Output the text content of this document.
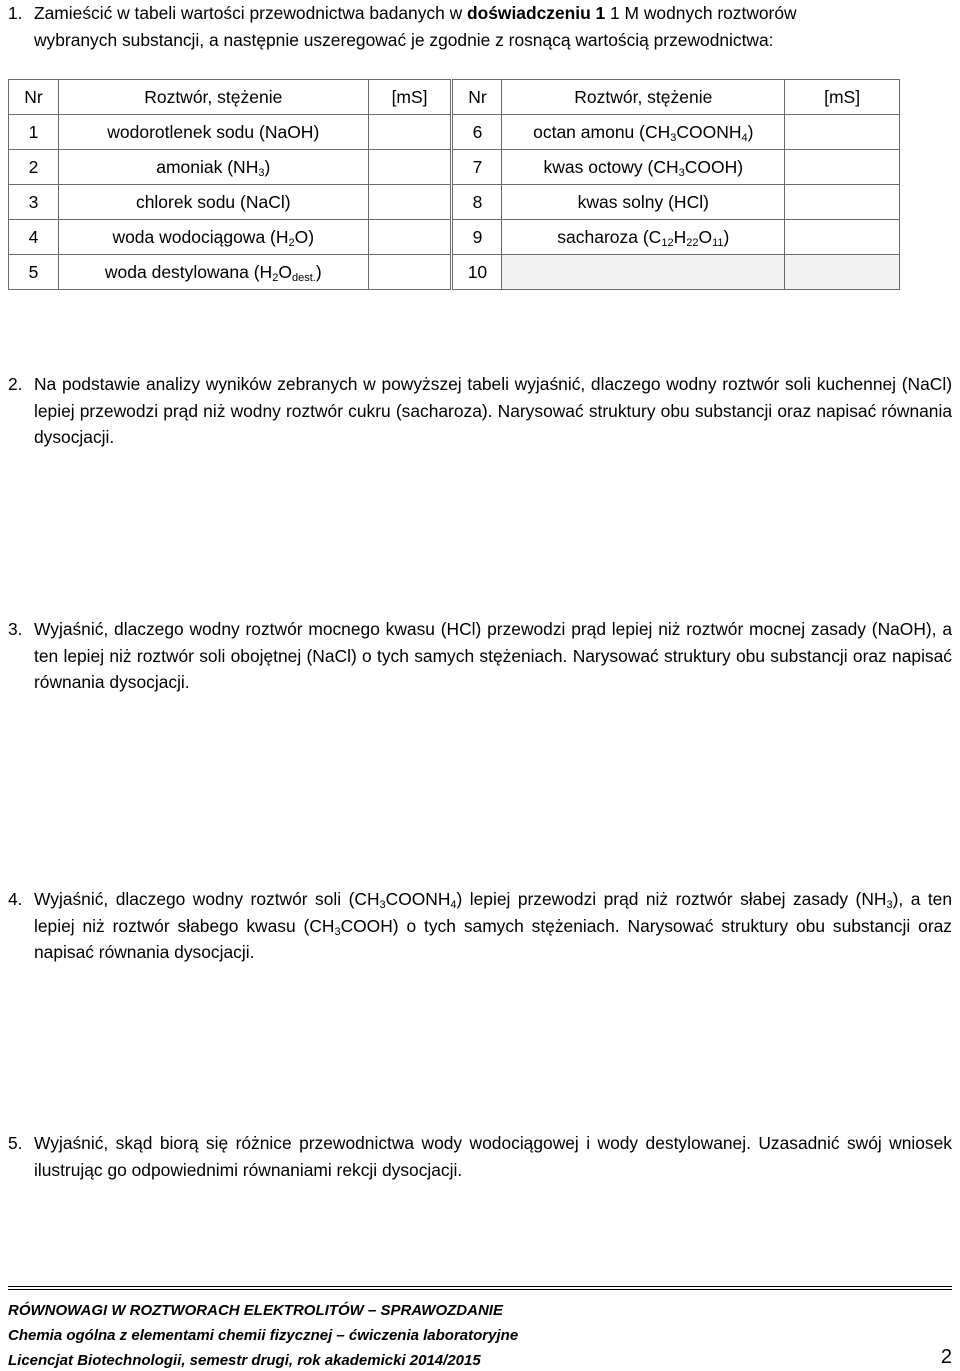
1. Zamieścić w tabeli wartości przewodnictwa badanych w doświadczeniu 1 1 M wodnych roztworów
wybranych substancji, a następnie uszeregować je zgodnie z rosnącą wartością przewodnictwa:
Nr	Roztwór, stężenie	[mS]	Nr	Roztwór, stężenie	[mS]
1	wodorotlenek sodu (NaOH)		6	octan amonu $(CH_3COONH_4)$	
2	amoniak $(NH_3)$		7	kwas octowy $(CH_3COOH)$	
3	chlorek sodu (NaCl)		8	kwas solny (HCl)	
4	woda wodociągowa $(H_2O)$		9	sacharoza $(C_{12}H_{22}O_{11})$	
5	woda destylowana $(H_2O_{dest.})$		10		
2. Na podstawie analizy wyników zebranych w powyższej tabeli wyjaśnić, dlaczego wodny roztwór soli kuchennej (NaCl) lepiej przewodzi prąd niż wodny roztwór cukru (sacharoza). Narysować struktury obu substancji oraz napisać równania dysocjacji.
3. Wyjaśnić, dlaczego wodny roztwór mocnego kwasu (HCl) przewodzi prąd lepiej niż roztwór mocnej zasady (NaOH), a ten lepiej niż roztwór soli obojętnej (NaCl) o tych samych stężeniach. Narysować struktury obu substancji oraz napisać równania dysocjacji.
4. Wyjaśnić, dlaczego wodny roztwór soli $(CH_3COONH_4)$ lepiej przewodzi prąd niż roztwór słabej zasady $(NH_3)$, a ten lepiej niż roztwór słabego kwasu $(CH_3COOH)$ o tych samych stężeniach. Narysować struktury obu substancji oraz napisać równania dysocjacji.
5. Wyjaśnić, skąd biorą się różnice przewodnictwa wody wodociągowej i wody destylowanej. Uzasadnić swój wniosek ilustrując go odpowiednimi równaniami rekcji dysocjacji.
RÓWNOWAGI W ROZTWORACH ELEKTROLITÓW – SPRAWOZDANIE
Chemia ogólna z elementami chemii fizycznej – ćwiczenia laboratoryjne
Licencjat Biotechnologii, semestr drugi, rok akademicki 2014/2015	2
